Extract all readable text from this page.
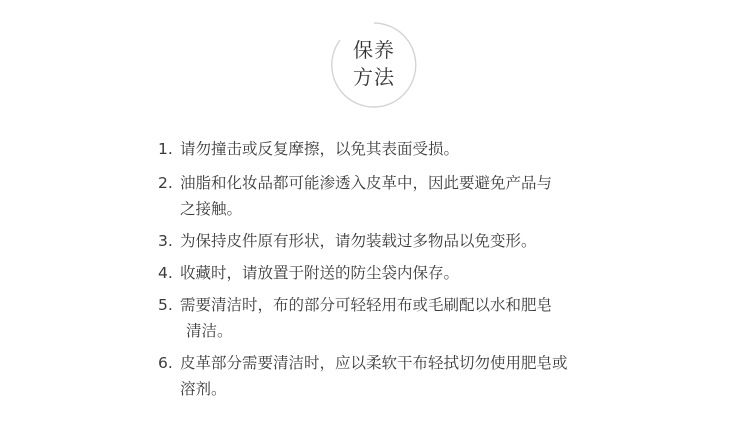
保养
方法
1. 请勿撞击或反复摩擦，以免其表面受损。
2. 油脂和化妆品都可能渗透入皮革中，因此要避免产品与
之接触。
3. 为保持皮件原有形状，请勿装载过多物品以免变形。
4. 收藏时，请放置于附送的防尘袋内保存。
5. 需要清洁时，布的部分可轻轻用布或毛刷配以水和肥皂
清洁。
6. 皮革部分需要清洁时，应以柔软干布轻拭切勿使用肥皂或
溶剂。
